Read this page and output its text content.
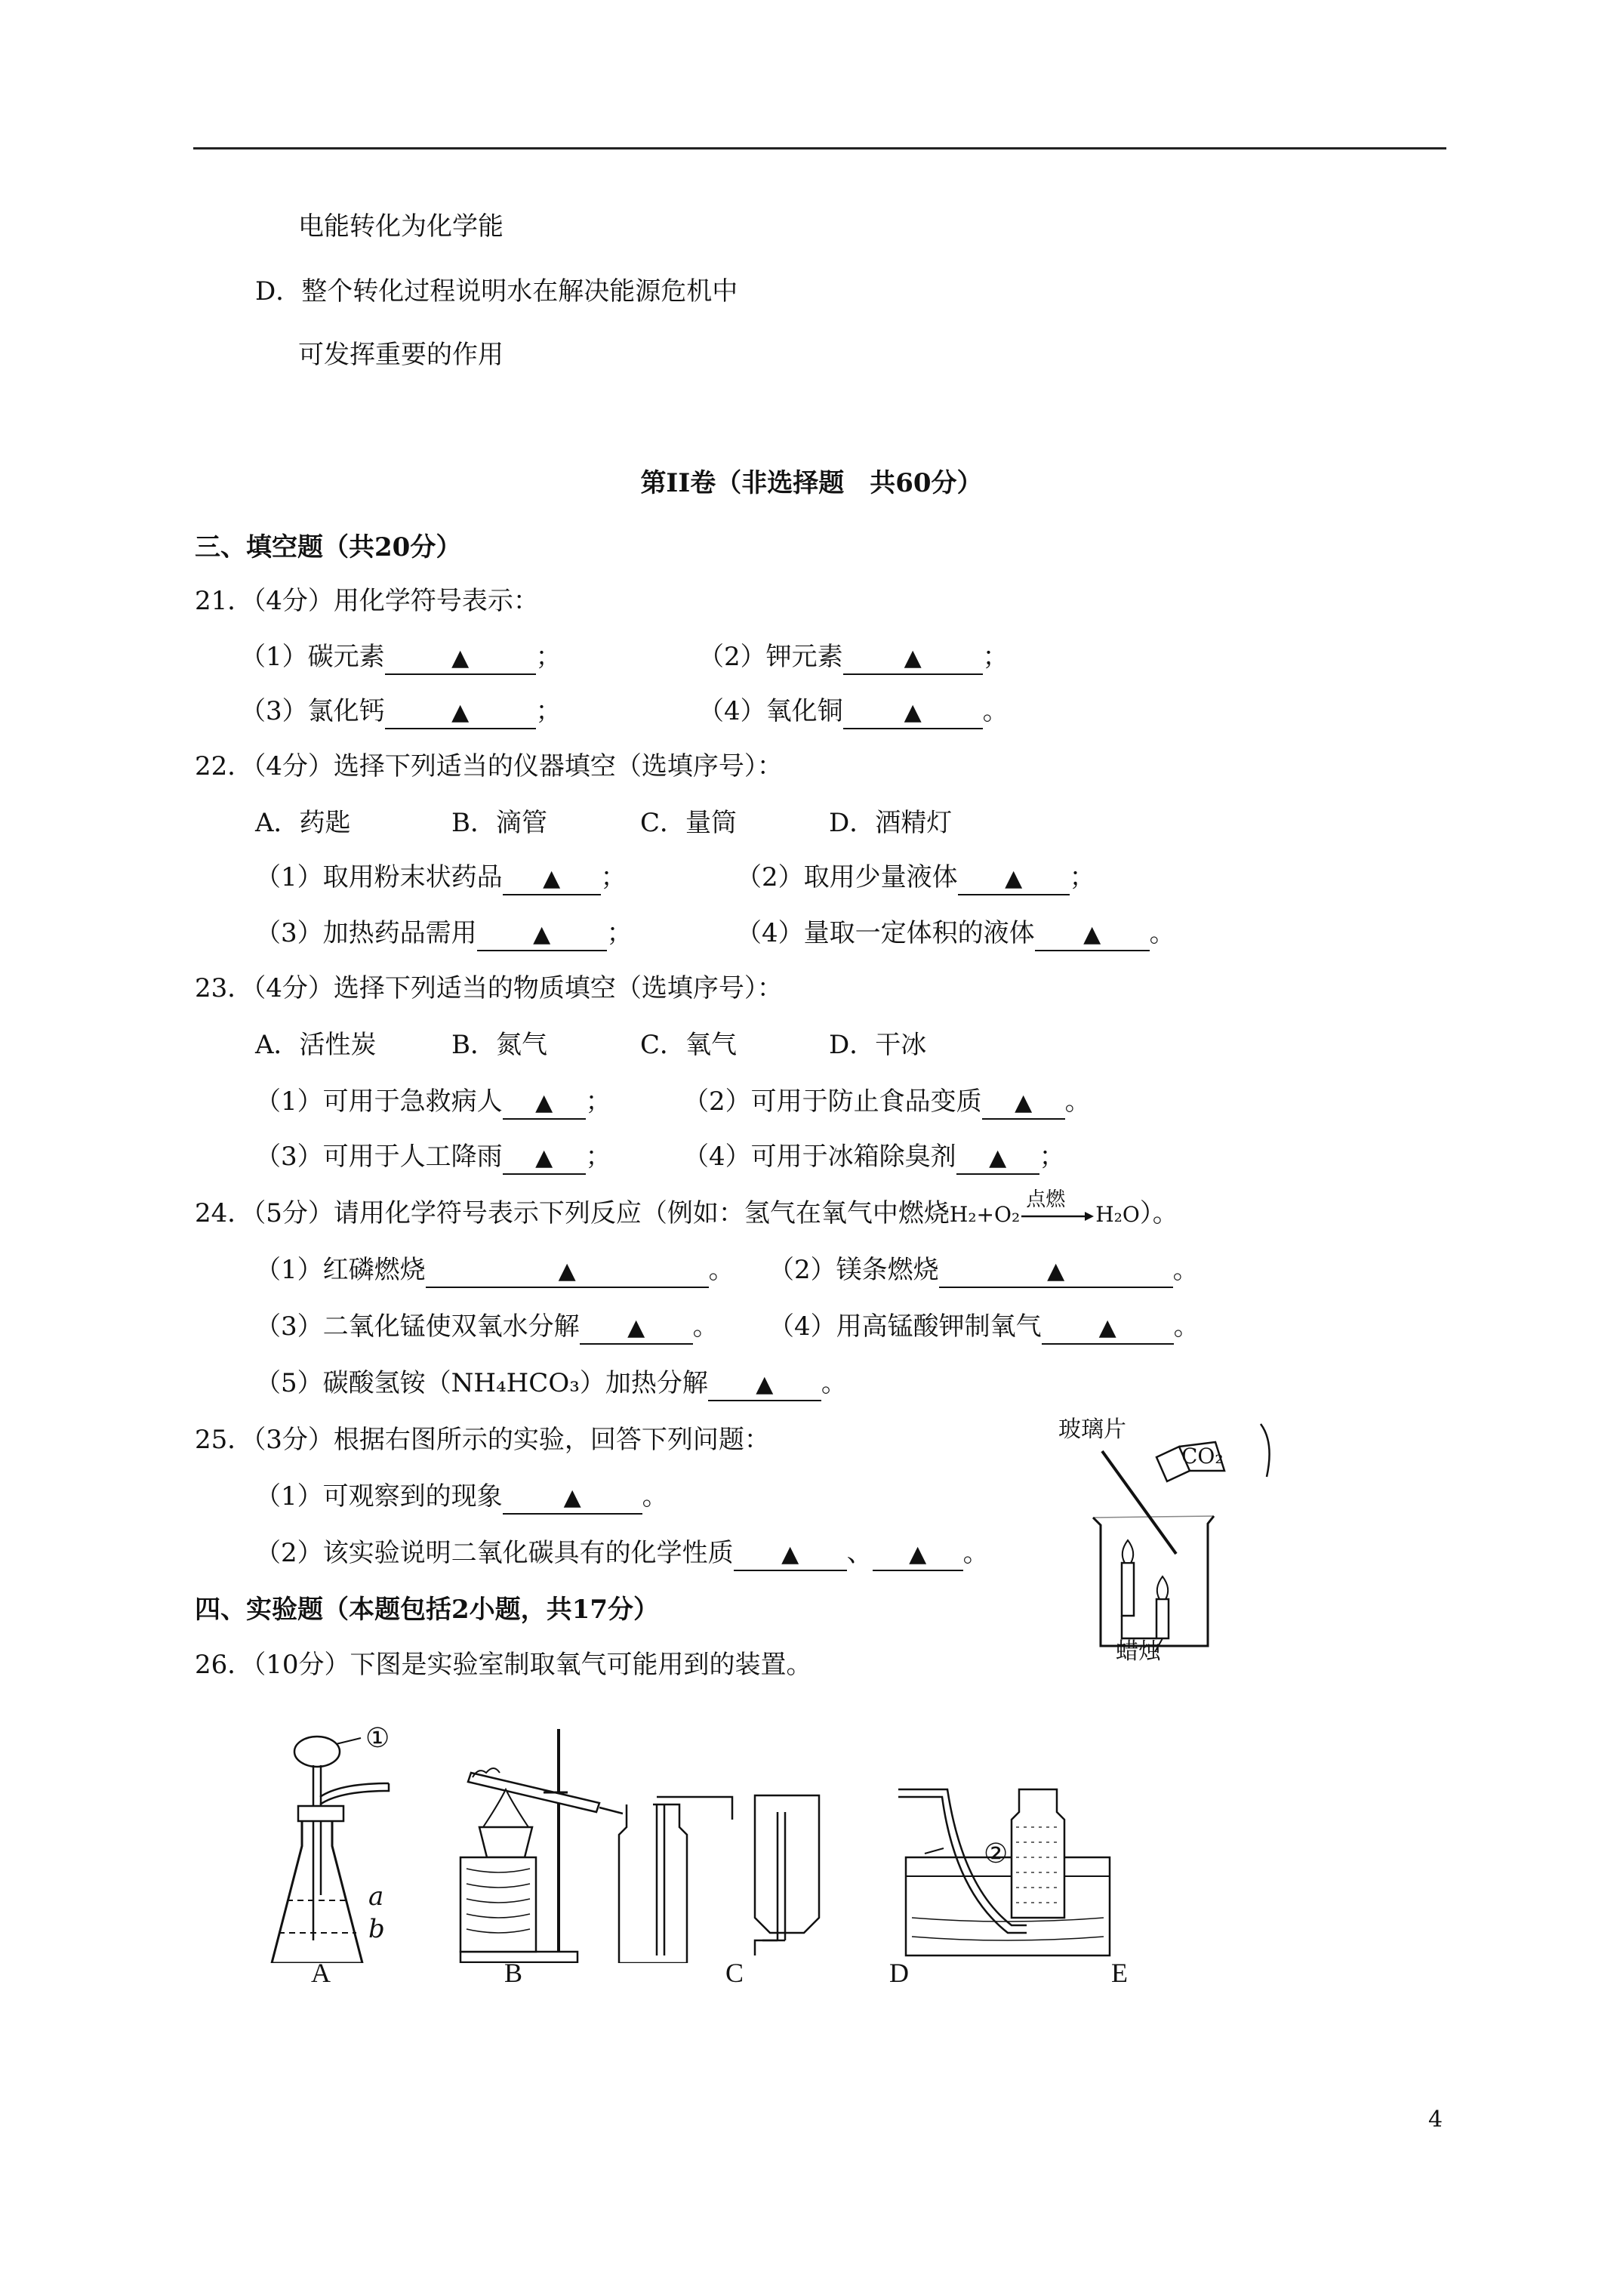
电能转化为化学能
D．整个转化过程说明水在解决能源危机中
可发挥重要的作用
第II卷（非选择题　共60分）
三、填空题（共20分）
21．（4分）用化学符号表示：
（1）碳元素	▲	；	（2）钾元素	▲ ；
（3）氯化钙	▲	；	（4）氧化铜	▲ 。
22．（4分）选择下列适当的仪器填空（选填序号）：
A．药匙	B．滴管	C．量筒	D．酒精灯
（1）取用粉末状药品 ▲ ；	（2）取用少量液体 ▲ ；
（3）加热药品需用 ▲ ；	（4）量取一定体积的液体 ▲ 。
23．（4分）选择下列适当的物质填空（选填序号）：
A．活性炭	B．氮气	C．氧气	D．干冰
（1）可用于急救病人 ▲ ；	（2）可用于防止食品变质 ▲ 。
（3）可用于人工降雨 ▲ ；	（4）可用于冰箱除臭剂 ▲ ；
24．（5分）请用化学符号表示下列反应（例如：氢气在氧气中燃烧H₂+O₂
点燃
H₂O）。
（1）红磷燃烧	▲	。 （2）镁条燃烧	▲	。
（3）二氧化锰使双氧水分解 ▲ 。 （4）用高锰酸钾制氧气	▲ 。
（5）碳酸氢铵（NH₄HCO₃）加热分解 ▲ 。
25．（3分）根据右图所示的实验，回答下列问题：
（1）可观察到的现象	▲ 。
（2）该实验说明二氧化碳具有的化学性质 ▲ 、 ▲ 。
玻璃片
CO₂
蜡烛
四、实验题（本题包括2小题，共17分）
26．（10分）下图是实验室制取氧气可能用到的装置。
①
②
a
b
A	B	C	D	E
4
